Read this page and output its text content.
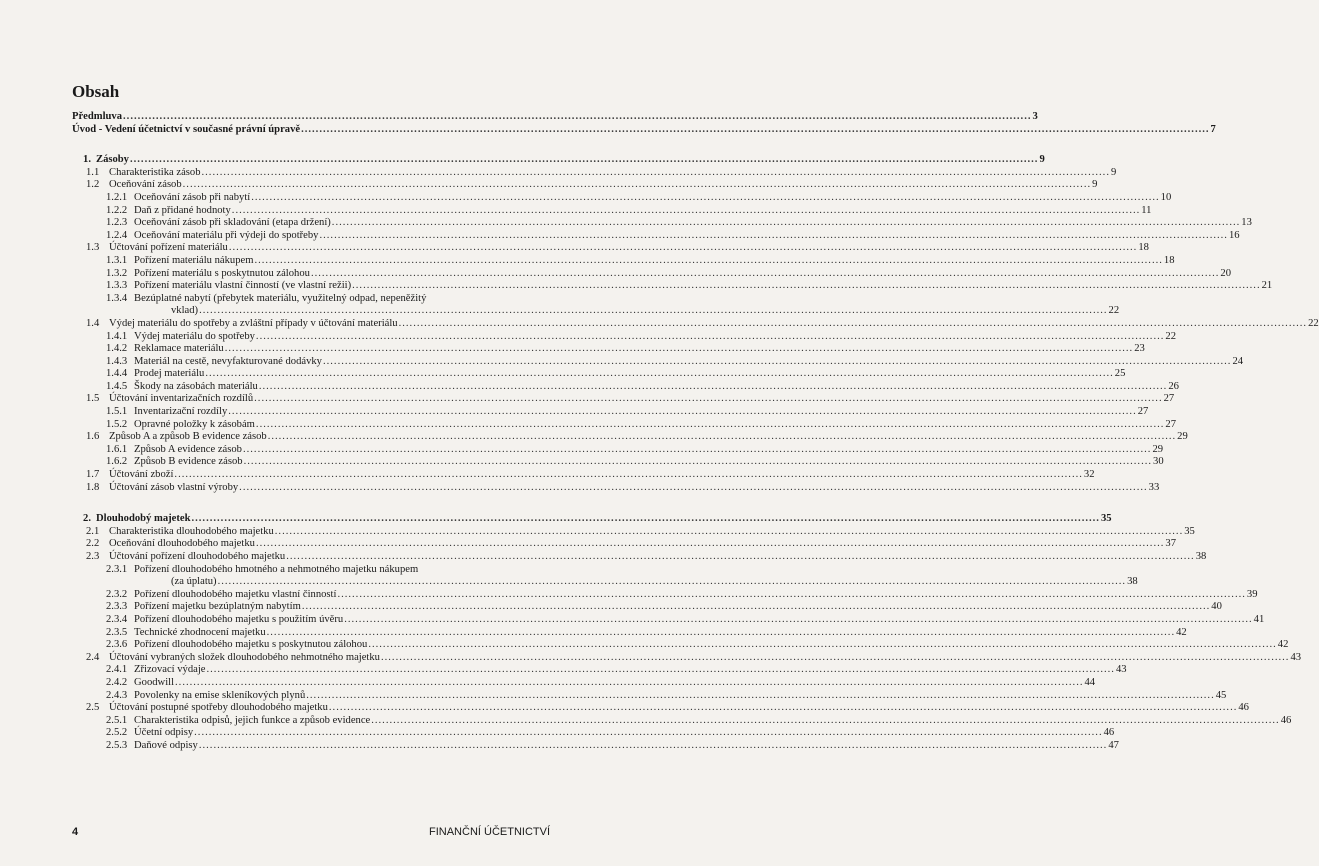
Obsah
Předmluva .....	3
Úvod - Vedení účetnictví v současné právní úpravě .....	7
1. Zásoby .....	9
1.1 Charakteristika zásob .....	9
1.2 Oceňování zásob .....	9
1.2.1 Oceňování zásob při nabytí .....	10
1.2.2 Daň z přidané hodnoty .....	11
1.2.3 Oceňování zásob při skladování (etapa držení) .....	13
1.2.4 Oceňování materiálu při výdeji do spotřeby .....	16
1.3 Účtování pořízení materiálu .....	18
1.3.1 Pořízení materiálu nákupem .....	18
1.3.2 Pořízení materiálu s poskytnutou zálohou .....	20
1.3.3 Pořízení materiálu vlastní činností (ve vlastní režii) .....	21
1.3.4 Bezúplatné nabytí (přebytek materiálu, využitelný odpad, nepeněžitý
vklad) .....	22
1.4 Výdej materiálu do spotřeby a zvláštní případy v účtování materiálu .....	22
1.4.1 Výdej materiálu do spotřeby .....	22
1.4.2 Reklamace materiálu .....	23
1.4.3 Materiál na cestě, nevyfakturované dodávky .....	24
1.4.4 Prodej materiálu .....	25
1.4.5 Škody na zásobách materiálu .....	26
1.5 Účtování inventarizačních rozdílů .....	27
1.5.1 Inventarizační rozdíly .....	27
1.5.2 Opravné položky k zásobám .....	27
1.6 Způsob A a způsob B evidence zásob .....	29
1.6.1 Způsob A evidence zásob .....	29
1.6.2 Způsob B evidence zásob .....	30
1.7 Účtování zboží .....	32
1.8 Účtování zásob vlastní výroby .....	33
2. Dlouhodobý majetek .....	35
2.1 Charakteristika dlouhodobého majetku .....	35
2.2 Oceňování dlouhodobého majetku .....	37
2.3 Účtování pořízení dlouhodobého majetku .....	38
2.3.1 Pořízení dlouhodobého hmotného a nehmotného majetku nákupem
(za úplatu) .....	38
2.3.2 Pořízení dlouhodobého majetku vlastní činností .....	39
2.3.3 Pořízení majetku bezúplatným nabytím .....	40
2.3.4 Pořízení dlouhodobého majetku s použitím úvěru .....	41
2.3.5 Technické zhodnocení majetku .....	42
2.3.6 Pořízení dlouhodobého majetku s poskytnutou zálohou .....	42
2.4 Účtování vybraných složek dlouhodobého nehmotného majetku .....	43
2.4.1 Zřizovací výdaje .....	43
2.4.2 Goodwill .....	44
2.4.3 Povolenky na emise skleníkových plynů .....	45
2.5 Účtování postupné spotřeby dlouhodobého majetku .....	46
2.5.1 Charakteristika odpisů, jejich funkce a způsob evidence .....	46
2.5.2 Účetní odpisy .....	46
2.5.3 Daňové odpisy .....	47
4	FINANČNÍ ÚČETNICTVÍ
